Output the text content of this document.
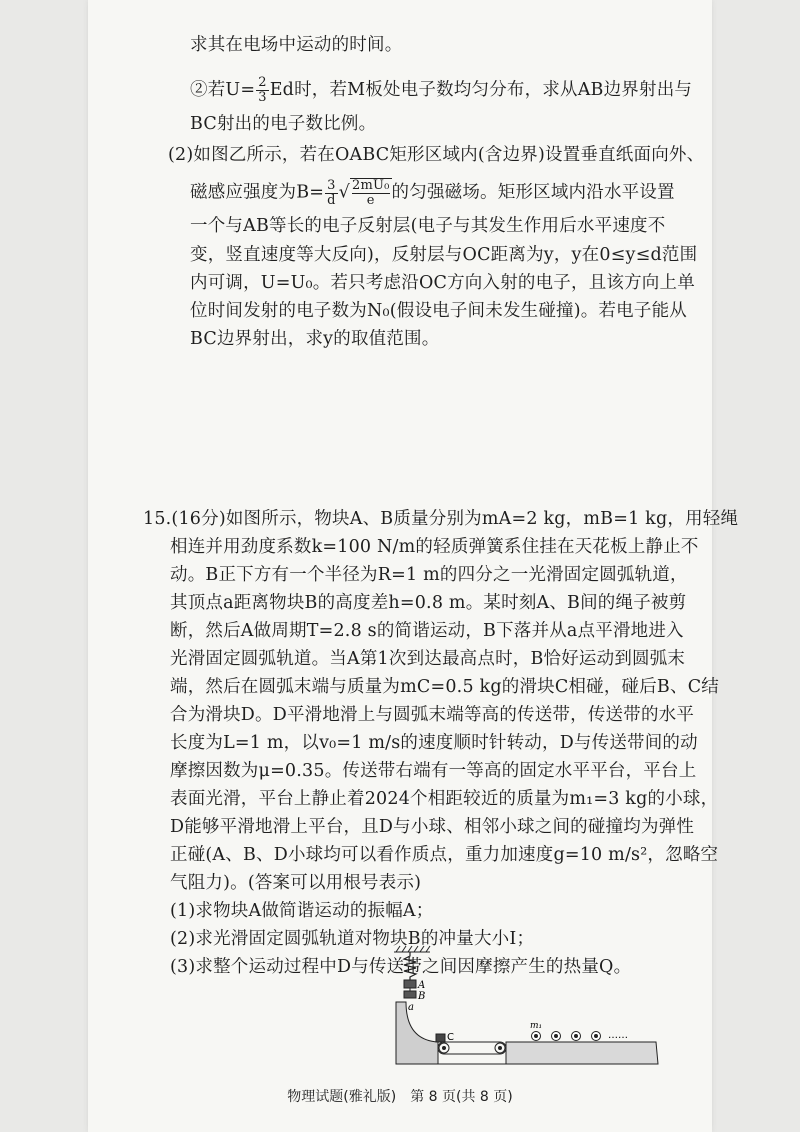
求其在电场中运动的时间。
②若$U= \frac{2}{3}$ Ed时，若M板处电子数均匀分布，求从AB边界射出与
BC射出的电子数比例。
(2)如图乙所示，若在OABC矩形区域内(含边界)设置垂直纸面向外、
磁感应强度为$B= \frac{3}{d}$ √ $\frac{\text{2mU₀}}{e}$ 的匀强磁场。矩形区域内沿水平设置
一个与AB等长的电子反射层(电子与其发生作用后水平速度不
变，竖直速度等大反向)，反射层与OC距离为y，y在0≤y≤d范围
内可调，U=U₀。若只考虑沿OC方向入射的电子，且该方向上单
位时间发射的电子数为N₀(假设电子间未发生碰撞)。若电子能从
BC边界射出，求y的取值范围。
15.(16分)如图所示，物块A、B质量分别为mA=2 kg，mB=1 kg，用轻绳
相连并用劲度系数k=100 N/m的轻质弹簧系住挂在天花板上静止不
动。B正下方有一个半径为R=1 m的四分之一光滑固定圆弧轨道，
其顶点a距离物块B的高度差h=0.8 m。某时刻A、B间的绳子被剪
断，然后A做周期T=2.8 s的简谐运动，B下落并从a点平滑地进入
光滑固定圆弧轨道。当A第1次到达最高点时，B恰好运动到圆弧末
端，然后在圆弧末端与质量为mC=0.5 kg的滑块C相碰，碰后B、C结
合为滑块D。D平滑地滑上与圆弧末端等高的传送带，传送带的水平
长度为L=1 m，以v₀=1 m/s的速度顺时针转动，D与传送带间的动
摩擦因数为μ=0.35。传送带右端有一等高的固定水平平台，平台上
表面光滑，平台上静止着2024个相距较近的质量为m₁=3 kg的小球，
D能够平滑地滑上平台，且D与小球、相邻小球之间的碰撞均为弹性
正碰(A、B、D小球均可以看作质点，重力加速度g=10 m/s²，忽略空
气阻力)。(答案可以用根号表示)
(1)求物块A做简谐运动的振幅A；
(2)求光滑固定圆弧轨道对物块B的冲量大小I；
(3)求整个运动过程中D与传送带之间因摩擦产生的热量Q。
A
B
a
C
m₁
……
物理试题(雅礼版)　第 8 页(共 8 页)
